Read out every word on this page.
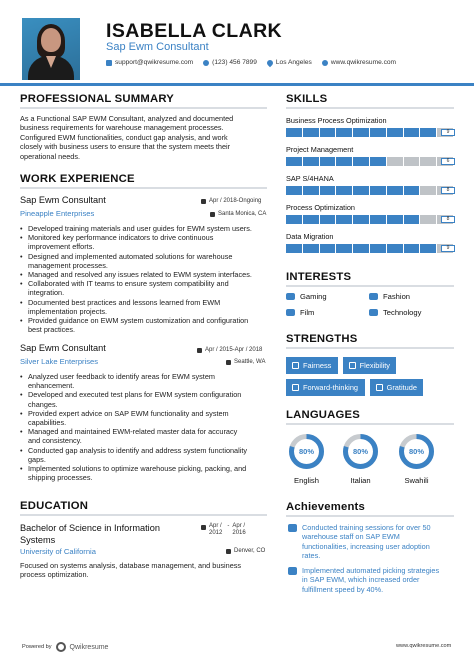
ISABELLA CLARK
Sap Ewm Consultant
support@qwikresume.com	(123) 456 7899	Los Angeles	www.qwikresume.com
PROFESSIONAL SUMMARY
As a Functional SAP EWM Consultant, analyzed and documented
business requirements for warehouse management processes.
Configured EWM functionalities, conduct gap analysis, and work
closely with business users to ensure that the system meets their
operational needs.
WORK EXPERIENCE
Sap Ewm Consultant
Pineapple Enterprises
Apr / 2018-Ongoing
Santa Monica, CA
• Developed training materials and user guides for EWM system users.
• Monitored key performance indicators to drive continuous
improvement efforts.
• Designed and implemented automated solutions for warehouse
management processes.
• Managed and resolved any issues related to EWM system interfaces.
• Collaborated with IT teams to ensure system compatibility and
integration.
• Documented best practices and lessons learned from EWM
implementation projects.
• Provided guidance on EWM system customization and configuration
best practices.
Sap Ewm Consultant
Silver Lake Enterprises
Apr / 2015-Apr / 2018
Seattle, WA
• Analyzed user feedback to identify areas for EWM system
enhancement.
• Developed and executed test plans for EWM system configuration
changes.
• Provided expert advice on SAP EWM functionality and system
capabilities.
• Managed and maintained EWM-related master data for accuracy
and consistency.
• Conducted gap analysis to identify and address system functionality
gaps.
• Implemented solutions to optimize warehouse picking, packing, and
shipping processes.
EDUCATION
Bachelor of Science in Information
Systems
University of California
Apr /
2012
- Apr /
2016
Denver, CO
Focused on systems analysis, database management, and business
process optimization.
SKILLS
Business Process Optimization
9
Project Management
6
SAP S/4HANA
8
Process Optimization
8
Data Migration
9
INTERESTS
Gaming	Fashion
Film	Technology
STRENGTHS
Fairness	Flexibility
Forward-thinking	Gratitude
LANGUAGES
80%
English
80%
Italian
80%
Swahili
Achievements
Conducted training sessions for over 50
warehouse staff on SAP EWM
functionalities, increasing user adoption
rates.
Implemented automated picking strategies
in SAP EWM, which increased order
fulfillment speed by 40%.
Powered by	Qwikresume	www.qwikresume.com
